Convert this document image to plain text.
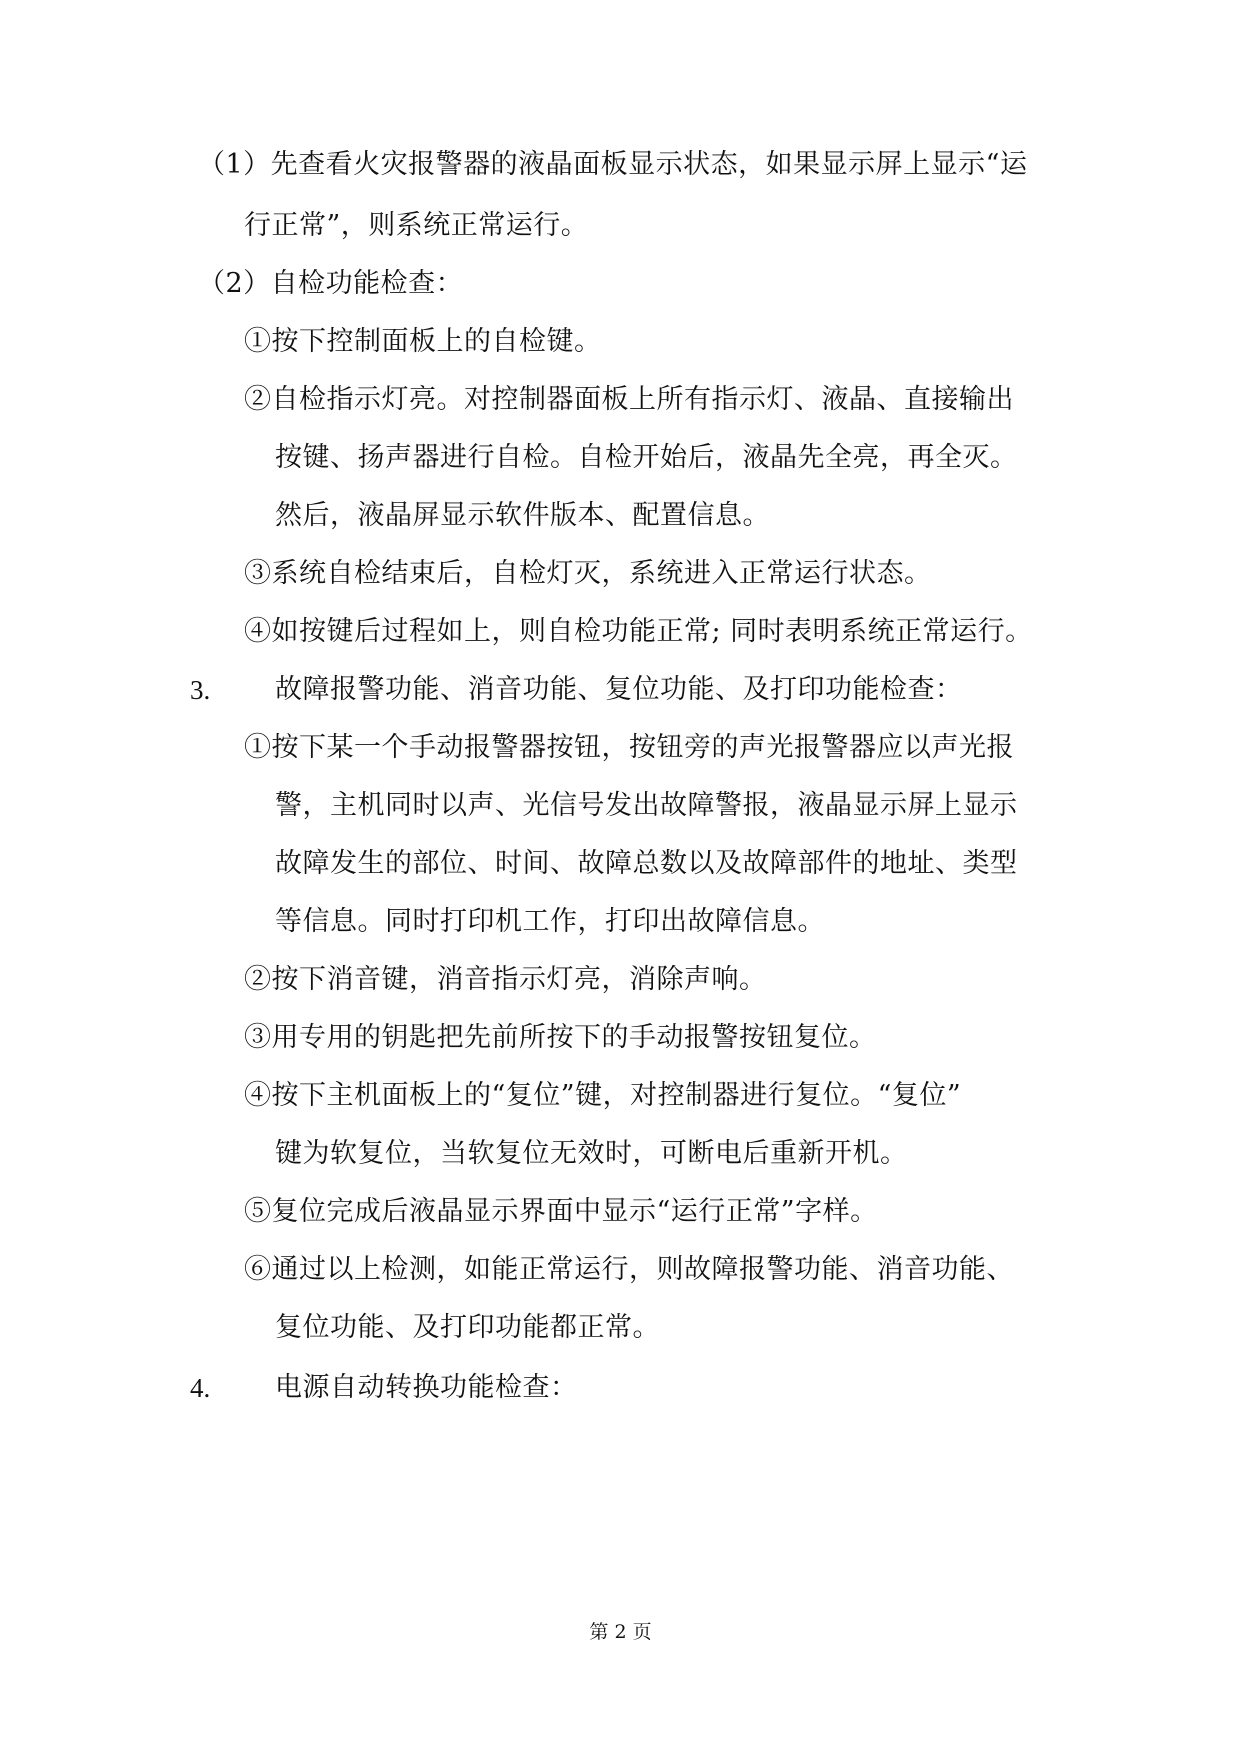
（1）先查看火灾报警器的液晶面板显示状态，如果显示屏上显示“运
行正常”，则系统正常运行。
（2）自检功能检查：
①按下控制面板上的自检键。
②自检指示灯亮。对控制器面板上所有指示灯、液晶、直接输出
按键、扬声器进行自检。自检开始后，液晶先全亮，再全灭。
然后，液晶屏显示软件版本、配置信息。
③系统自检结束后，自检灯灭，系统进入正常运行状态。
④如按键后过程如上，则自检功能正常; 同时表明系统正常运行。
3. 故障报警功能、消音功能、复位功能、及打印功能检查：
①按下某一个手动报警器按钮，按钮旁的声光报警器应以声光报
警，主机同时以声、光信号发出故障警报，液晶显示屏上显示
故障发生的部位、时间、故障总数以及故障部件的地址、类型
等信息。同时打印机工作，打印出故障信息。
②按下消音键，消音指示灯亮，消除声响。
③用专用的钥匙把先前所按下的手动报警按钮复位。
④按下主机面板上的“复位”键，对控制器进行复位。“复位”
键为软复位，当软复位无效时，可断电后重新开机。
⑤复位完成后液晶显示界面中显示“运行正常”字样。
⑥通过以上检测，如能正常运行，则故障报警功能、消音功能、
复位功能、及打印功能都正常。
4. 电源自动转换功能检查：
第 2 页
